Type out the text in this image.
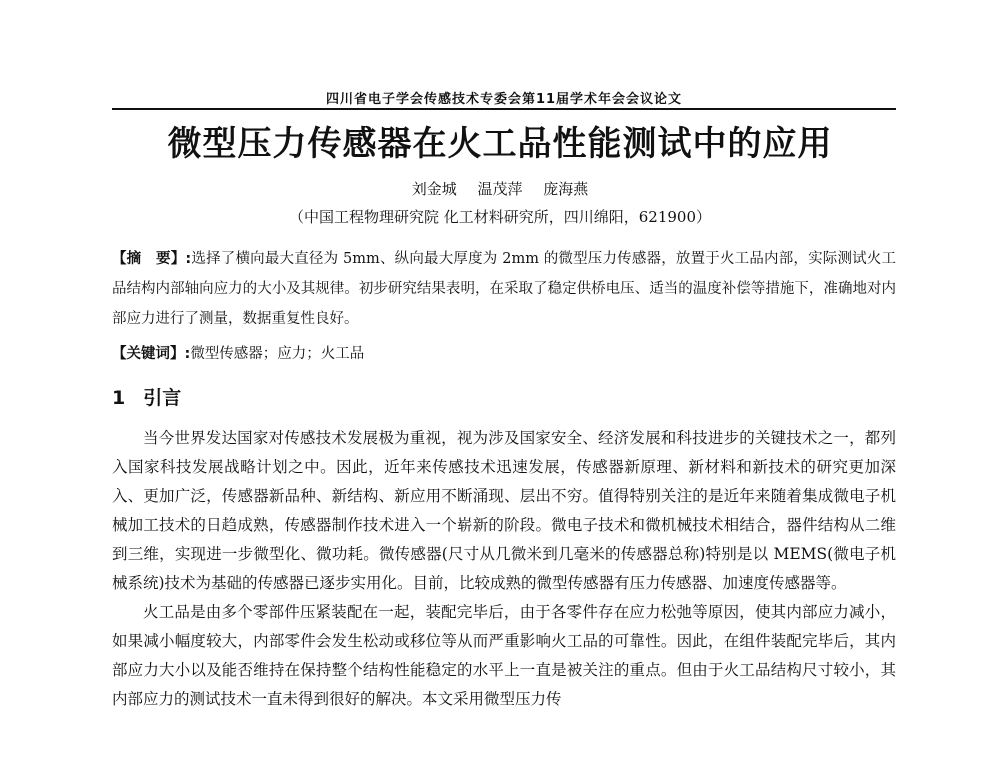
四川省电子学会传感技术专委会第11届学术年会会议论文
微型压力传感器在火工品性能测试中的应用
刘金城 温茂萍 庞海燕
（中国工程物理研究院 化工材料研究所，四川绵阳，621900）
【摘　要】:选择了横向最大直径为 5mm、纵向最大厚度为 2mm 的微型压力传感器，放置于火工品内部，实际测试火工品结构内部轴向应力的大小及其规律。初步研究结果表明，在采取了稳定供桥电压、适当的温度补偿等措施下，准确地对内部应力进行了测量，数据重复性良好。
【关键词】:微型传感器；应力；火工品
1 引言

当今世界发达国家对传感技术发展极为重视，视为涉及国家安全、经济发展和科技进步的关键技术之一，都列入国家科技发展战略计划之中。因此，近年来传感技术迅速发展，传感器新原理、新材料和新技术的研究更加深入、更加广泛，传感器新品种、新结构、新应用不断涌现、层出不穷。值得特别关注的是近年来随着集成微电子机械加工技术的日趋成熟，传感器制作技术进入一个崭新的阶段。微电子技术和微机械技术相结合，器件结构从二维到三维，实现进一步微型化、微功耗。微传感器(尺寸从几微米到几毫米的传感器总称)特别是以 MEMS(微电子机械系统)技术为基础的传感器已逐步实用化。目前，比较成熟的微型传感器有压力传感器、加速度传感器等。

火工品是由多个零部件压紧装配在一起，装配完毕后，由于各零件存在应力松弛等原因，使其内部应力减小，如果减小幅度较大，内部零件会发生松动或移位等从而严重影响火工品的可靠性。因此，在组件装配完毕后，其内部应力大小以及能否维持在保持整个结构性能稳定的水平上一直是被关注的重点。但由于火工品结构尺寸较小，其内部应力的测试技术一直未得到很好的解决。本文采用微型压力传
